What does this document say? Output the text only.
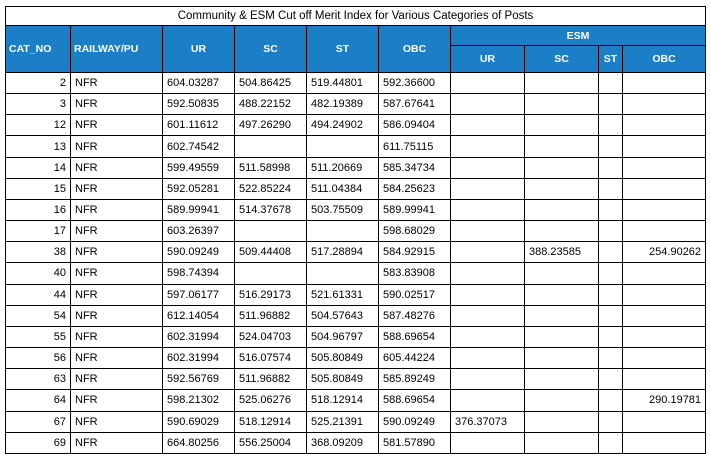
Community & ESM Cut off Merit Index for Various Categories of Posts									
CAT_NO	RAILWAY/PU	UR	SC	ST	OBC	ESM			
						UR	SC	ST	OBC
2	NFR	604.03287	504.86425	519.44801	592.36600				
3	NFR	592.50835	488.22152	482.19389	587.67641				
12	NFR	601.11612	497.26290	494.24902	586.09404				
13	NFR	602.74542			611.75115				
14	NFR	599.49559	511.58998	511.20669	585.34734				
15	NFR	592.05281	522.85224	511.04384	584.25623				
16	NFR	589.99941	514.37678	503.75509	589.99941				
17	NFR	603.26397			598.68029				
38	NFR	590.09249	509.44408	517.28894	584.92915		388.23585		254.90262
40	NFR	598.74394			583.83908				
44	NFR	597.06177	516.29173	521.61331	590.02517				
54	NFR	612.14054	511.96882	504.57643	587.48276				
55	NFR	602.31994	524.04703	504.96797	588.69654				
56	NFR	602.31994	516.07574	505.80849	605.44224				
63	NFR	592.56769	511.96882	505.80849	585.89249				
64	NFR	598.21302	525.06276	518.12914	588.69654				290.19781
67	NFR	590.69029	518.12914	525.21391	590.09249	376.37073			
69	NFR	664.80256	556.25004	368.09209	581.57890				
